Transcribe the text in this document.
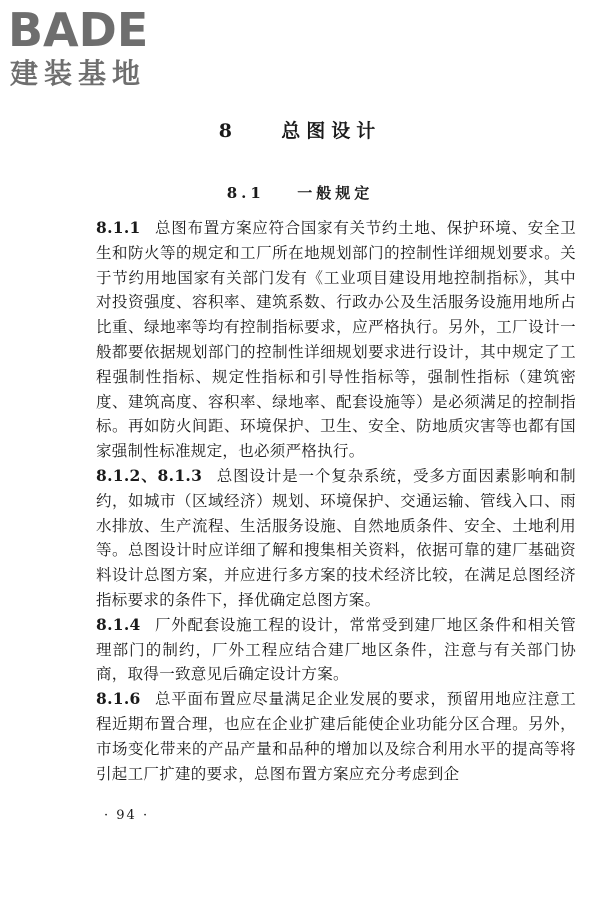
BADE
建装基地
8 总图设计
8.1 一般规定

8.1.1 总图布置方案应符合国家有关节约土地、保护环境、安全卫生和防火等的规定和工厂所在地规划部门的控制性详细规划要求。关于节约用地国家有关部门发有《工业项目建设用地控制指标》，其中对投资强度、容积率、建筑系数、行政办公及生活服务设施用地所占比重、绿地率等均有控制指标要求，应严格执行。另外，工厂设计一般都要依据规划部门的控制性详细规划要求进行设计，其中规定了工程强制性指标、规定性指标和引导性指标等，强制性指标（建筑密度、建筑高度、容积率、绿地率、配套设施等）是必须满足的控制指标。再如防火间距、环境保护、卫生、安全、防地质灾害等也都有国家强制性标准规定，也必须严格执行。

8.1.2、8.1.3 总图设计是一个复杂系统，受多方面因素影响和制约，如城市（区域经济）规划、环境保护、交通运输、管线入口、雨水排放、生产流程、生活服务设施、自然地质条件、安全、土地利用等。总图设计时应详细了解和搜集相关资料，依据可靠的建厂基础资料设计总图方案，并应进行多方案的技术经济比较，在满足总图经济指标要求的条件下，择优确定总图方案。

8.1.4 厂外配套设施工程的设计，常常受到建厂地区条件和相关管理部门的制约，厂外工程应结合建厂地区条件，注意与有关部门协商，取得一致意见后确定设计方案。

8.1.6 总平面布置应尽量满足企业发展的要求，预留用地应注意工程近期布置合理，也应在企业扩建后能使企业功能分区合理。另外，市场变化带来的产品产量和品种的增加以及综合利用水平的提高等将引起工厂扩建的要求，总图布置方案应充分考虑到企

· 94 ·
